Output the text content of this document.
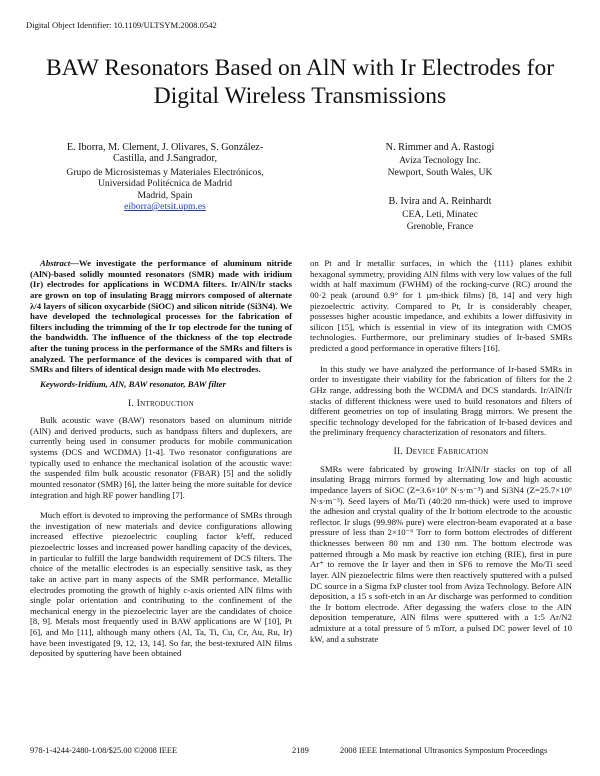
Digital Object Identifier: 10.1109/ULTSYM.2008.0542
BAW Resonators Based on AlN with Ir Electrodes for
Digital Wireless Transmissions
E. Iborra, M. Clement, J. Olivares, S. González-
Castilla, and J.Sangrador,
Grupo de Microsistemas y Materiales Electrónicos,
Universidad Politécnica de Madrid
Madrid, Spain
eiborra@etsit.upm.es
N. Rimmer and A. Rastogi
Aviza Tecnology Inc.
Newport, South Wales, UK
B. Ivira and A. Reinhardt
CEA, Leti, Minatec
Grenoble, France

Abstract—We investigate the performance of aluminum nitride (AlN)-based solidly mounted resonators (SMR) made with iridium (Ir) electrodes for applications in WCDMA filters. Ir/AlN/Ir stacks are grown on top of insulating Bragg mirrors composed of alternate λ/4 layers of silicon oxycarbide (SiOC) and silicon nitride (Si3N4). We have developed the technological processes for the fabrication of filters including the trimming of the Ir top electrode for the tuning of the bandwidth. The influence of the thickness of the top electrode after the tuning process in the performance of the SMRs and filters is analyzed. The performance of the devices is compared with that of SMRs and filters of identical design made with Mo electrodes.

Keywords-Iridium, AlN, BAW resonator, BAW filter

I. Introduction

Bulk acoustic wave (BAW) resonators based on aluminum nitride (AlN) and derived products, such as bandpass filters and duplexers, are currently being used in consumer products for mobile communication systems (DCS and WCDMA) [1-4]. Two resonator configurations are typically used to enhance the mechanical isolation of the acoustic wave: the suspended film bulk acoustic resonator (FBAR) [5] and the solidly mounted resonator (SMR) [6], the latter being the more suitable for device integration and high RF power handling [7].

Much effort is devoted to improving the performance of SMRs through the investigation of new materials and device configurations allowing increased effective piezoelectric coupling factor k²eff, reduced piezoelectric losses and increased power handling capacity of the devices, in particular to fulfill the large bandwidth requirement of DCS filters. The choice of the metallic electrodes is an especially sensitive task, as they take an active part in many aspects of the SMR performance. Metallic electrodes promoting the growth of highly c-axis oriented AlN films with single polar orientation and contributing to the confinement of the mechanical energy in the piezoelectric layer are the candidates of choice [8, 9]. Metals most frequently used in BAW applications are W [10], Pt [6], and Mo [11], although many others (Al, Ta, Ti, Cu, Cr, Au, Ru, Ir) have been investigated [9, 12, 13, 14]. So far, the best-textured AlN films deposited by sputtering have been obtained

on Pt and Ir metallic surfaces, in which the {111} planes exhibit hexagonal symmetry, providing AlN films with very low values of the full width at half maximum (FWHM) of the rocking-curve (RC) around the 00·2 peak (around 0.9° for 1 µm-thick films) [8, 14] and very high piezoelectric activity. Compared to Pt, Ir is considerably cheaper, possesses higher acoustic impedance, and exhibits a lower diffusivity in silicon [15], which is essential in view of its integration with CMOS technologies. Furthermore, our preliminary studies of Ir-based SMRs predicted a good performance in operative filters [16].

In this study we have analyzed the performance of Ir-based SMRs in order to investigate their viability for the fabrication of filters for the 2 GHz range, addressing both the WCDMA and DCS standards. Ir/AlN/Ir stacks of different thickness were used to build resonators and filters of different geometries on top of insulating Bragg mirrors. We present the specific technology developed for the fabrication of Ir-based devices and the preliminary frequency characterization of resonators and filters.

II. Device Fabrication

SMRs were fabricated by growing Ir/AlN/Ir stacks on top of all insulating Bragg mirrors formed by alternating low and high acoustic impedance layers of SiOC (Z=3.6×10⁶ N·s·m⁻³) and Si3N4 (Z=25.7×10⁶ N·s·m⁻³). Seed layers of Mo/Ti (40:20 nm-thick) were used to improve the adhesion and crystal quality of the Ir bottom electrode to the acoustic reflector. Ir slugs (99.98% pure) were electron-beam evaporated at a base pressure of less than 2×10⁻⁶ Torr to form bottom electrodes of different thicknesses between 80 nm and 130 nm. The bottom electrode was patterned through a Mo mask by reactive ion etching (RIE), first in pure Ar⁺ to remove the Ir layer and then in SF6 to remove the Mo/Ti seed layer. AlN piezoelectric films were then reactively sputtered with a pulsed DC source in a Sigma fxP cluster tool from Aviza Technology. Before AlN deposition, a 15 s soft-etch in an Ar discharge was performed to condition the Ir bottom electrode. After degassing the wafers close to the AlN deposition temperature, AlN films were sputtered with a 1:5 Ar/N2 admixture at a total pressure of 5 mTorr, a pulsed DC power level of 10 kW, and a substrate

978-1-4244-2480-1/08/$25.00 ©2008 IEEE	2189	2008 IEEE International Ultrasonics Symposium Proceedings
